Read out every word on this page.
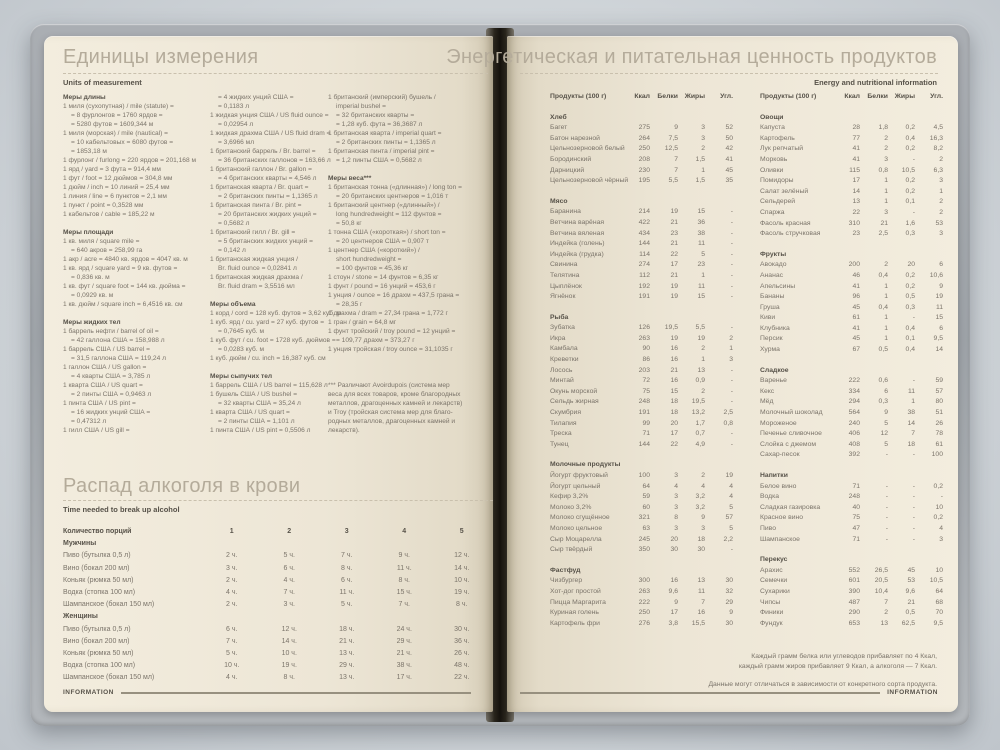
Единицы измерения
Units of measurement
Меры длины
1 миля (сухопутная) / mile (statute) =
= 8 фурлонгов = 1760 ярдов =
= 5280 футов = 1609,344 м
1 миля (морская) / mile (nautical) =
= 10 кабельтовых = 6080 футов =
= 1853,18 м
1 фурлонг / furlong = 220 ярдов = 201,168 м
1 ярд / yard = 3 фута = 914,4 мм
1 фут / foot = 12 дюймов = 304,8 мм
1 дюйм / inch = 10 линий = 25,4 мм
1 линия / line = 6 пунктов = 2,1 мм
1 пункт / point = 0,3528 мм
1 кабельтов / cable = 185,22 м
Меры площади
1 кв. миля / square mile =
= 640 акров = 258,99 га
1 акр / acre = 4840 кв. ярдов = 4047 кв. м
1 кв. ярд / square yard = 9 кв. футов =
= 0,836 кв. м
1 кв. фут / square foot = 144 кв. дюйма =
= 0,0929 кв. м
1 кв. дюйм / square inch = 6,4516 кв. см
Меры жидких тел
1 баррель нефти / barrel of oil =
= 42 галлона США = 158,988 л
1 баррель США / US barrel =
= 31,5 галлона США = 119,24 л
1 галлон США / US gallon =
= 4 кварты США = 3,785 л
1 кварта США / US quart =
= 2 пинты США = 0,9463 л
1 пинта США / US pint =
= 16 жидких унций США =
= 0,47312 л
1 гилл США / US gill =
= 4 жидких унций США =
= 0,1183 л
1 жидкая унция США / US fluid ounce =
= 0,02954 л
1 жидкая драхма США / US fluid dram =
= 3,6966 мл
1 британский баррель / Br. barrel =
= 36 британских галлонов = 163,66 л
1 британский галлон / Br. gallon =
= 4 британских кварты = 4,546 л
1 британская кварта / Br. quart =
= 2 британских пинты = 1,1365 л
1 британская пинта / Br. pint =
= 20 британских жидких унций =
= 0,5682 л
1 британский гилл / Br. gill =
= 5 британских жидких унций =
= 0,142 л
1 британская жидкая унция /
Br. fluid ounce = 0,02841 л
1 британская жидкая драхма /
Br. fluid dram = 3,5516 мл
Меры объема
1 корд / cord = 128 куб. футов = 3,62 куб. м
1 куб. ярд / cu. yard = 27 куб. футов =
= 0,7645 куб. м
1 куб. фут / cu. foot = 1728 куб. дюймов =
= 0,0283 куб. м
1 куб. дюйм / cu. inch = 16,387 куб. см
Меры сыпучих тел
1 баррель США / US barrel = 115,628 л
1 бушель США / US bushel =
= 32 кварты США = 35,24 л
1 кварта США / US quart =
= 2 пинты США = 1,101 л
1 пинта США / US pint = 0,5506 л
1 британский (имперский) бушель /
imperial bushel =
= 32 британских кварты =
= 1,28 куб. фута = 36,3687 л
1 британская кварта / imperial quart =
= 2 британских пинты = 1,1365 л
1 британская пинта / imperial pint =
= 1,2 пинты США = 0,5682 л
Меры веса***
1 британская тонна («длинная») / long ton =
= 20 британских центнеров = 1,016 т
1 британский центнер («длинный») /
long hundredweight = 112 фунтов =
= 50,8 кг
1 тонна США («короткая») / short ton =
= 20 центнеров США = 0,907 т
1 центнер США («короткий») /
short hundredweight =
= 100 фунтов = 45,36 кг
1 стоун / stone = 14 фунтов = 6,35 кг
1 фунт / pound = 16 унций = 453,6 г
1 унция / ounce = 16 драхм = 437,5 грана =
= 28,35 г
1 драхма / dram = 27,34 грана = 1,772 г
1 гран / grain = 64,8 мг
1 фунт тройский / troy pound = 12 унций =
= 109,77 драхм = 373,27 г
1 унция тройская / troy ounce = 31,1035 г
*** Различают Avoirdupois (система мер
веса для всех товаров, кроме благородных
металлов, драгоценных камней и лекарств)
и Troy (тройская система мер для благо-
родных металлов, драгоценных камней и
лекарств).
Распад алкоголя в крови
Time needed to break up alcohol
Количество порций	1	2	3	4	5
Мужчины
Пиво (бутылка 0,5 л)	2 ч.	5 ч.	7 ч.	9 ч.	12 ч.
Вино (бокал 200 мл)	3 ч.	6 ч.	8 ч.	11 ч.	14 ч.
Коньяк (рюмка 50 мл)	2 ч.	4 ч.	6 ч.	8 ч.	10 ч.
Водка (стопка 100 мл)	4 ч.	7 ч.	11 ч.	15 ч.	19 ч.
Шампанское (бокал 150 мл)	2 ч.	3 ч.	5 ч.	7 ч.	8 ч.
Женщины
Пиво (бутылка 0,5 л)	6 ч.	12 ч.	18 ч.	24 ч.	30 ч.
Вино (бокал 200 мл)	7 ч.	14 ч.	21 ч.	29 ч.	36 ч.
Коньяк (рюмка 50 мл)	5 ч.	10 ч.	13 ч.	21 ч.	26 ч.
Водка (стопка 100 мл)	10 ч.	19 ч.	29 ч.	38 ч.	48 ч.
Шампанское (бокал 150 мл)	4 ч.	8 ч.	13 ч.	17 ч.	22 ч.
INFORMATION
Энергетическая и питательная ценность продуктов
Energy and nutritional information
Продукты (100 г)	Ккал	Белки Жиры	Угл.
Хлеб
Багет	275	9	3	52
Батон нарезной	264	7,5	3	50
Цельнозерновой белый	250	12,5	2	42
Бородинский	208	7	1,5	41
Дарницкий	230	7	1	45
Цельнозерновой чёрный	195	5,5	1,5	35
Мясо
Баранина	214	19	15	-
Ветчина варёная	422	21	36	-
Ветчина вяленая	434	23	38	-
Индейка (голень)	144	21	11	-
Индейка (грудка)	114	22	5	-
Свинина	274	17	23	-
Телятина	112	21	1	-
Цыплёнок	192	19	11	-
Ягнёнок	191	19	15	-
Рыба
Зубатка	126	19,5	5,5	-
Икра	263	19	19	2
Камбала	90	16	2	1
Креветки	86	16	1	3
Лосось	203	21	13	-
Минтай	72	16	0,9	-
Окунь морской	75	15	2	-
Сельдь жирная	248	18	19,5	-
Скумбрия	191	18	13,2	2,5
Тилапия	99	20	1,7	0,8
Треска	71	17	0,7	-
Тунец	144	22	4,9	-
Молочные продукты
Йогурт фруктовый	100	3	2	19
Йогурт цельный	64	4	4	4
Кефир 3,2%	59	3	3,2	4
Молоко 3,2%	60	3	3,2	5
Молоко сгущённое	321	8	9	57
Молоко цельное	63	3	3	5
Сыр Моцарелла	245	20	18	2,2
Сыр твёрдый	350	30	30	-
Фастфуд
Чизбургер	300	16	13	30
Хот-дог простой	263	9,6	11	32
Пицца Маргарита	222	9	7	29
Куриная голень	250	17	16	9
Картофель фри	276	3,8	15,5	30
Продукты (100 г)	Ккал	Белки Жиры	Угл.
Овощи
Капуста	28	1,8	0,2	4,5
Картофель	77	2	0,4	16,3
Лук репчатый	41	2	0,2	8,2
Морковь	41	3	-	2
Оливки	115	0,8	10,5	6,3
Помидоры	17	1	0,2	3
Салат зелёный	14	1	0,2	1
Сельдерей	13	1	0,1	2
Спаржа	22	3	-	2
Фасоль красная	310	21	1,6	53
Фасоль стручковая	23	2,5	0,3	3
Фрукты
Авокадо	200	2	20	6
Ананас	46	0,4	0,2	10,6
Апельсины	41	1	0,2	9
Бананы	96	1	0,5	19
Груша	45	0,4	0,3	11
Киви	61	1	-	15
Клубника	41	1	0,4	6
Персик	45	1	0,1	9,5
Хурма	67	0,5	0,4	14
Сладкое
Варенье	222	0,6	-	59
Кекс	334	6	11	57
Мёд	294	0,3	1	80
Молочный шоколад	564	9	38	51
Мороженое	240	5	14	26
Печенье сливочное	406	12	7	78
Слойка с джемом	408	5	18	61
Сахар-песок	392	-	-	100
Напитки
Белое вино	71	-	-	0,2
Водка	248	-	-	-
Сладкая газировка	40	-	-	10
Красное вино	75	-	-	0,2
Пиво	47	-	-	4
Шампанское	71	-	-	3
Перекус
Арахис	552	26,5	45	10
Семечки	601	20,5	53	10,5
Сухарики	390	10,4	9,6	64
Чипсы	487	7	21	68
Финики	290	2	0,5	70
Фундук	653	13	62,5	9,5
Каждый грамм белка или углеводов прибавляет по 4 Ккал,
каждый грамм жиров прибавляет 9 Ккал, а алкоголя — 7 Ккал.
Данные могут отличаться в зависимости от конкретного сорта продукта.
INFORMATION
